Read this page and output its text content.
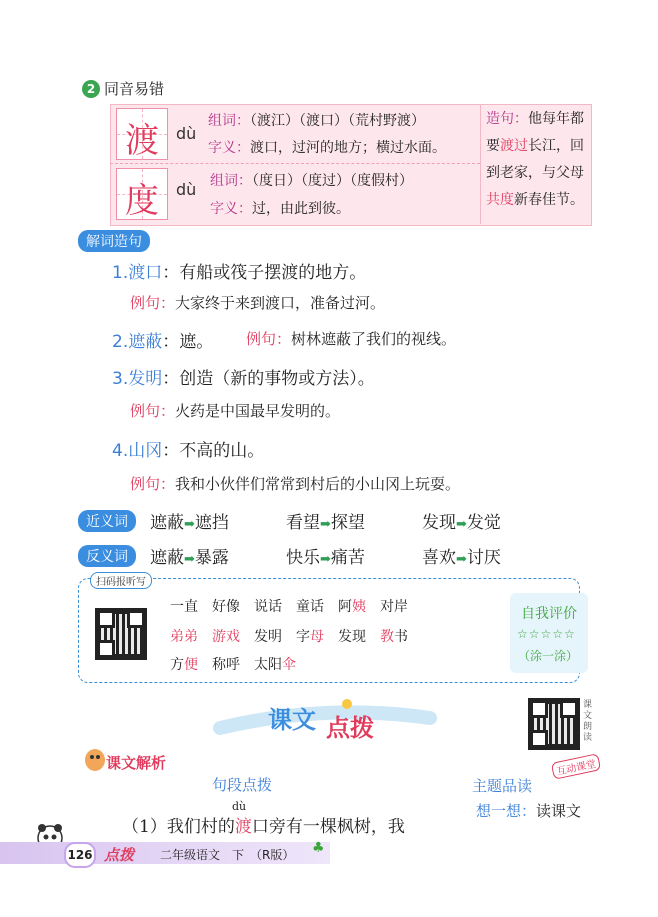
2 同音易错
渡	dù
组词：（渡江）（渡口）（荒村野渡）
字义：渡口，过河的地方；横过水面。
度	dù 组词：（度日）（度过）（度假村）
字义：过，由此到彼。
造句：他每年都
要渡过长江，回
到老家，与父母
共度新春佳节。
解词造句
1.渡口：有船或筏子摆渡的地方。
例句：大家终于来到渡口，准备过河。
2.遮蔽：遮。 例句：树林遮蔽了我们的视线。
3.发明：创造（新的事物或方法）。
例句：火药是中国最早发明的。
4.山冈：不高的山。
例句：我和小伙伴们常常到村后的小山冈上玩耍。
近义词	遮蔽➡遮挡	看望➡探望	发现➡发觉
反义词	遮蔽➡暴露	快乐➡痛苦	喜欢➡讨厌
扫码报听写
一直　 好像　 说话　 童话　 阿姨　 对岸
弟弟　 游戏　 发明　 字母　 发现　 教书
方便　 称呼　 太阳伞
自我评价
☆☆☆☆☆
（涂一涂）
课文 点拨
课文朗读
课文解析
句段点拨	主题品读
互动课堂
想一想：读课文
dù
（1）我们村的渡口旁有一棵枫树，我
126 点拨 二年级语文　下　（R版） ♣
